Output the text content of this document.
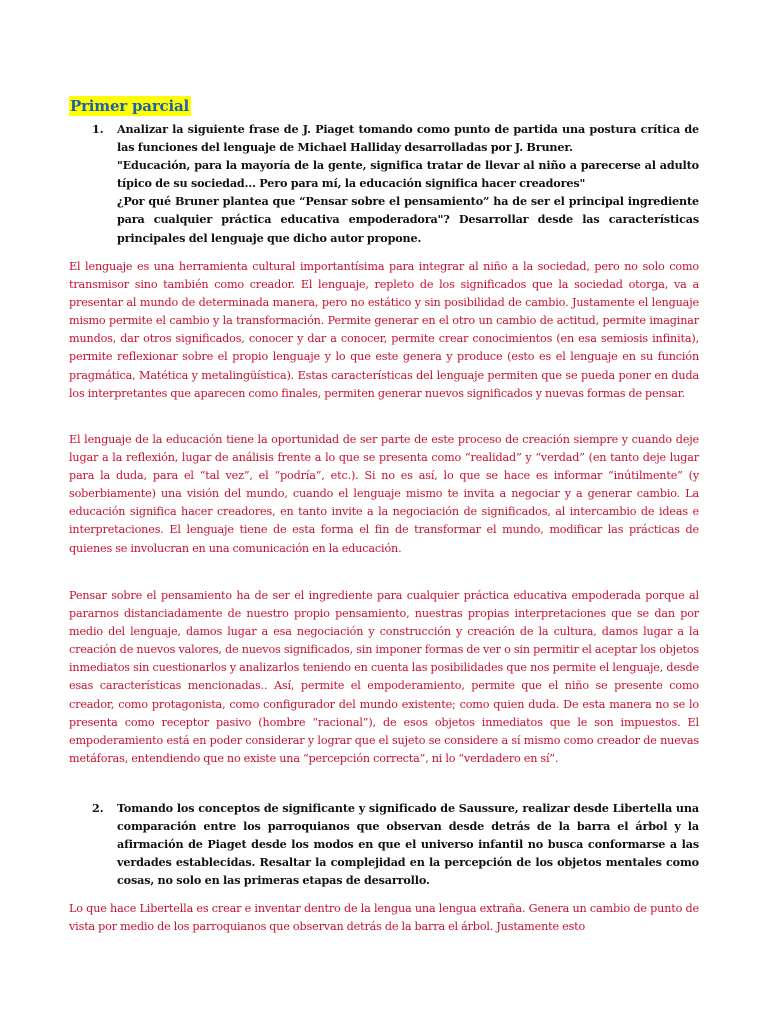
Primer parcial
1. Analizar la siguiente frase de J. Piaget tomando como punto de partida una postura crítica de las funciones del lenguaje de Michael Halliday desarrolladas por J. Bruner.
"Educación, para la mayoría de la gente, significa tratar de llevar al niño a parecerse al adulto típico de su sociedad... Pero para mí, la educación significa hacer creadores"
¿Por qué Bruner plantea que “Pensar sobre el pensamiento” ha de ser el principal ingrediente para cualquier práctica educativa empoderadora"? Desarrollar desde las características principales del lenguaje que dicho autor propone.
El lenguaje es una herramienta cultural importantísima para integrar al niño a la sociedad, pero no solo como transmisor sino también como creador. El lenguaje, repleto de los significados que la sociedad otorga, va a presentar al mundo de determinada manera, pero no estático y sin posibilidad de cambio. Justamente el lenguaje mismo permite el cambio y la transformación. Permite generar en el otro un cambio de actitud, permite imaginar mundos, dar otros significados, conocer y dar a conocer, permite crear conocimientos (en esa semiosis infinita), permite reflexionar sobre el propio lenguaje y lo que este genera y produce (esto es el lenguaje en su función pragmática, Matética y metalingüística). Estas características del lenguaje permiten que se pueda poner en duda los interpretantes que aparecen como finales, permiten generar nuevos significados y nuevas formas de pensar.
El lenguaje de la educación tiene la oportunidad de ser parte de este proceso de creación siempre y cuando deje lugar a la reflexión, lugar de análisis frente a lo que se presenta como “realidad” y “verdad” (en tanto deje lugar para la duda, para el “tal vez”, el “podría”, etc.). Si no es así, lo que se hace es informar “inútilmente” (y soberbiamente) una visión del mundo, cuando el lenguaje mismo te invita a negociar y a generar cambio. La educación significa hacer creadores, en tanto invite a la negociación de significados, al intercambio de ideas e interpretaciones. El lenguaje tiene de esta forma el fin de transformar el mundo, modificar las prácticas de quienes se involucran en una comunicación en la educación.
Pensar sobre el pensamiento ha de ser el ingrediente para cualquier práctica educativa empoderada porque al pararnos distanciadamente de nuestro propio pensamiento, nuestras propias interpretaciones que se dan por medio del lenguaje, damos lugar a esa negociación y construcción y creación de la cultura, damos lugar a la creación de nuevos valores, de nuevos significados, sin imponer formas de ver o sin permitir el aceptar los objetos inmediatos sin cuestionarlos y analizarlos teniendo en cuenta las posibilidades que nos permite el lenguaje, desde esas características mencionadas.. Así, permite el empoderamiento, permite que el niño se presente como creador, como protagonista, como configurador del mundo existente; como quien duda. De esta manera no se lo presenta como receptor pasivo (hombre “racional”), de esos objetos inmediatos que le son impuestos. El empoderamiento está en poder considerar y lograr que el sujeto se considere a sí mismo como creador de nuevas metáforas, entendiendo que no existe una “percepción correcta”, ni lo “verdadero en sí”.
2. Tomando los conceptos de significante y significado de Saussure, realizar desde Libertella una comparación entre los parroquianos que observan desde detrás de la barra el árbol y la afirmación de Piaget desde los modos en que el universo infantil no busca conformarse a las verdades establecidas. Resaltar la complejidad en la percepción de los objetos mentales como cosas, no solo en las primeras etapas de desarrollo.
Lo que hace Libertella es crear e inventar dentro de la lengua una lengua extraña. Genera un cambio de punto de vista por medio de los parroquianos que observan detrás de la barra el árbol. Justamente esto
